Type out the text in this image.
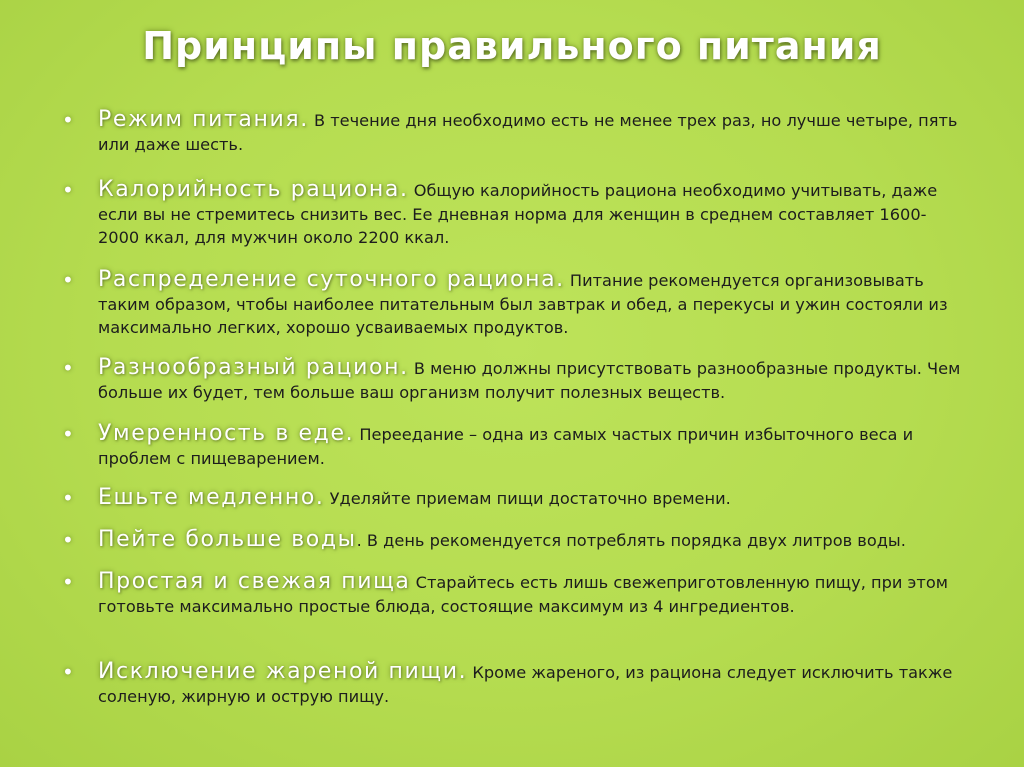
Принципы правильного питания
• Режим питания. В течение дня необходимо есть не менее трех раз, но лучше четыре, пять или даже шесть.
• Калорийность рациона. Общую калорийность рациона необходимо учитывать, даже если вы не стремитесь снизить вес. Ее дневная норма для женщин в среднем составляет 1600-2000 ккал, для мужчин около 2200 ккал.
• Распределение суточного рациона. Питание рекомендуется организовывать таким образом, чтобы наиболее питательным был завтрак и обед, а перекусы и ужин состояли из максимально легких, хорошо усваиваемых продуктов.
• Разнообразный рацион. В меню должны присутствовать разнообразные продукты. Чем больше их будет, тем больше ваш организм получит полезных веществ.
• Умеренность в еде. Переедание – одна из самых частых причин избыточного веса и проблем с пищеварением.
• Ешьте медленно. Уделяйте приемам пищи достаточно времени.
• Пейте больше воды. В день рекомендуется потреблять порядка двух литров воды.
• Простая и свежая пища Старайтесь есть лишь свежеприготовленную пищу, при этом готовьте максимально простые блюда, состоящие максимум из 4 ингредиентов.
• Исключение жареной пищи. Кроме жареного, из рациона следует исключить также соленую, жирную и острую пищу.
